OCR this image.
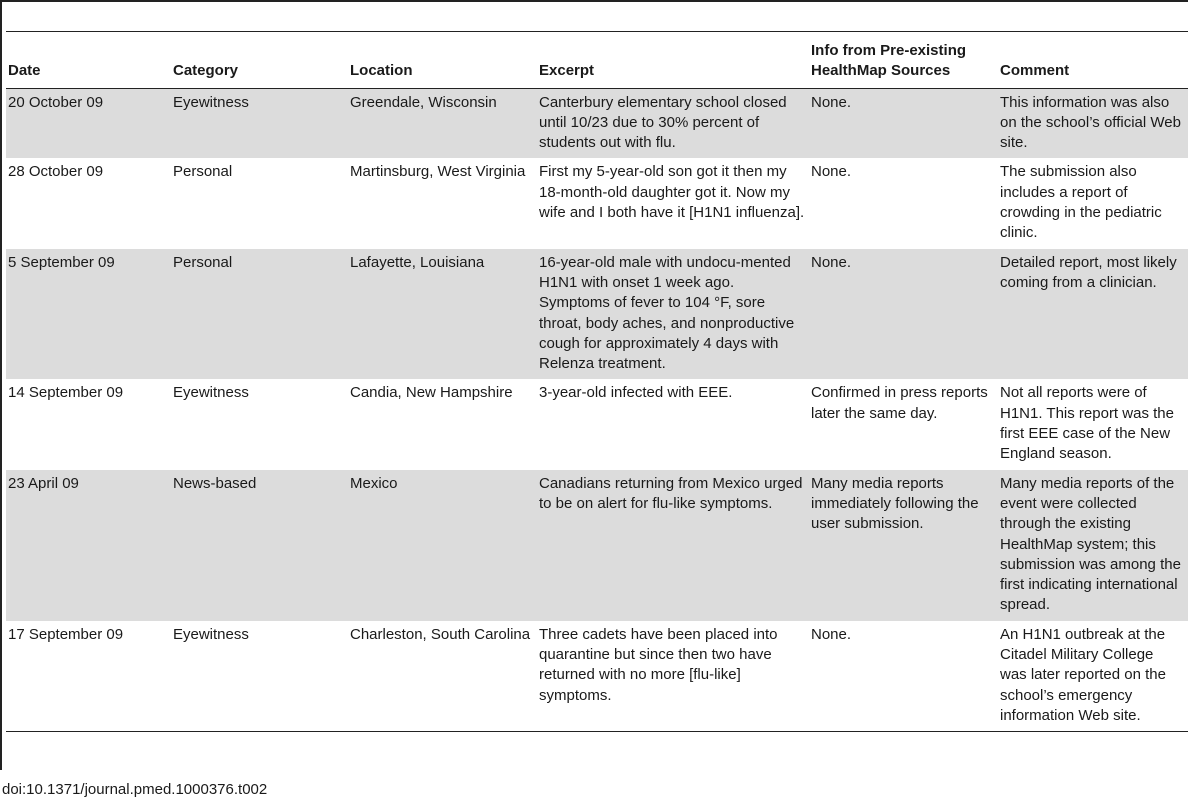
Date	Category	Location	Excerpt	Info from Pre-existing HealthMap Sources	Comment
20 October 09	Eyewitness	Greendale, Wisconsin	Canterbury elementary school closed until 10/23 due to 30% percent of students out with flu.	None.	This information was also on the school’s official Web site.
28 October 09	Personal	Martinsburg, West Virginia	First my 5-year-old son got it then my 18-month-old daughter got it. Now my wife and I both have it [H1N1 influenza].	None.	The submission also includes a report of crowding in the pediatric clinic.
5 September 09	Personal	Lafayette, Louisiana	16-year-old male with undocu-mented H1N1 with onset 1 week ago. Symptoms of fever to 104 °F, sore throat, body aches, and nonproductive cough for approximately 4 days with Relenza treatment.	None.	Detailed report, most likely coming from a clinician.
14 September 09	Eyewitness	Candia, New Hampshire	3-year-old infected with EEE.	Confirmed in press reports later the same day.	Not all reports were of H1N1. This report was the first EEE case of the New England season.
23 April 09	News-based	Mexico	Canadians returning from Mexico urged to be on alert for flu-like symptoms.	Many media reports immediately following the user submission.	Many media reports of the event were collected through the existing HealthMap system; this submission was among the first indicating international spread.
17 September 09	Eyewitness	Charleston, South Carolina	Three cadets have been placed into quarantine but since then two have returned with no more [flu-like] symptoms.	None.	An H1N1 outbreak at the Citadel Military College was later reported on the school’s emergency information Web site.
doi:10.1371/journal.pmed.1000376.t002
